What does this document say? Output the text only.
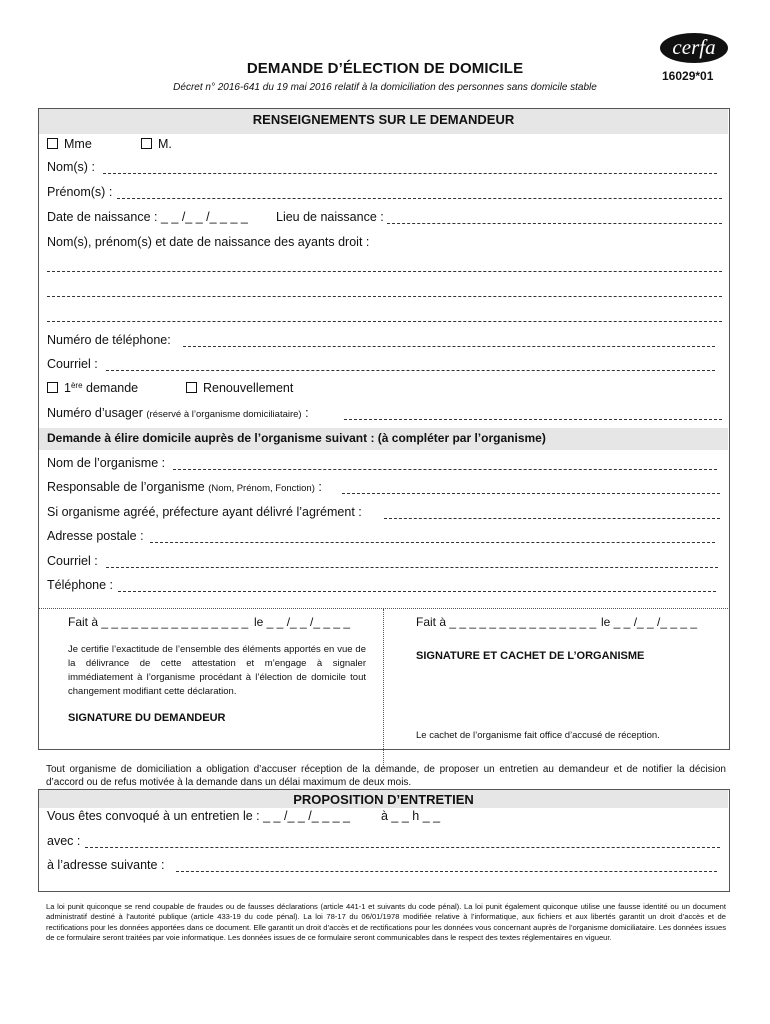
cerfa
DEMANDE D’ÉLECTION DE DOMICILE
Décret n° 2016-641 du 19 mai 2016 relatif à la domiciliation des personnes sans domicile stable
16029*01
RENSEIGNEMENTS SUR LE DEMANDEUR
Mme	M.
Nom(s) :
Prénom(s) :
Date de naissance : _ _ /_ _ /_ _ _ _ Lieu de naissance :
Nom(s), prénom(s) et date de naissance des ayants droit :
Numéro de téléphone:
Courriel :
1ère demande	Renouvellement
Numéro d’usager (réservé à l’organisme domiciliataire) :
Demande à élire domicile auprès de l’organisme suivant : (à compléter par l’organisme)
Nom de l’organisme :
Responsable de l’organisme (Nom, Prénom, Fonction) :
Si organisme agréé, préfecture ayant délivré l’agrément :
Adresse postale :
Courriel :
Téléphone :
Fait à _ _ _ _ _ _ _ _ _ _ _ _ _ _ _ le _ _ /_ _ /_ _ _ _
Je certifie l’exactitude de l’ensemble des éléments apportés en vue de la délivrance de cette attestation et m’engage à signaler immédiatement à l’organisme procédant à l’élection de domicile tout changement modifiant cette déclaration.
SIGNATURE DU DEMANDEUR
Fait à _ _ _ _ _ _ _ _ _ _ _ _ _ _ _ le _ _ /_ _ /_ _ _ _
SIGNATURE ET CACHET DE L’ORGANISME
Le cachet de l’organisme fait office d’accusé de réception.
Tout organisme de domiciliation a obligation d’accuser réception de la demande, de proposer un entretien au demandeur et de notifier la décision d’accord ou de refus motivée à la demande dans un délai maximum de deux mois.
PROPOSITION D’ENTRETIEN
Vous êtes convoqué à un entretien le : _ _ /_ _ /_ _ _ _ à _ _ h _ _
avec :
à l’adresse suivante :
La loi punit quiconque se rend coupable de fraudes ou de fausses déclarations (article 441-1 et suivants du code pénal). La loi punit également quiconque utilise une fausse identité ou un document administratif destiné à l’autorité publique (article 433-19 du code pénal). La loi 78-17 du 06/01/1978 modifiée relative à l’informatique, aux fichiers et aux libertés garantit un droit d’accès et de rectifications pour les données apportées dans ce document. Elle garantit un droit d’accès et de rectifications pour les données vous concernant auprès de l’organisme domiciliataire. Les données issues de ce formulaire seront traitées par voie informatique. Les données issues de ce formulaire seront communicables dans le respect des textes réglementaires en vigueur.
